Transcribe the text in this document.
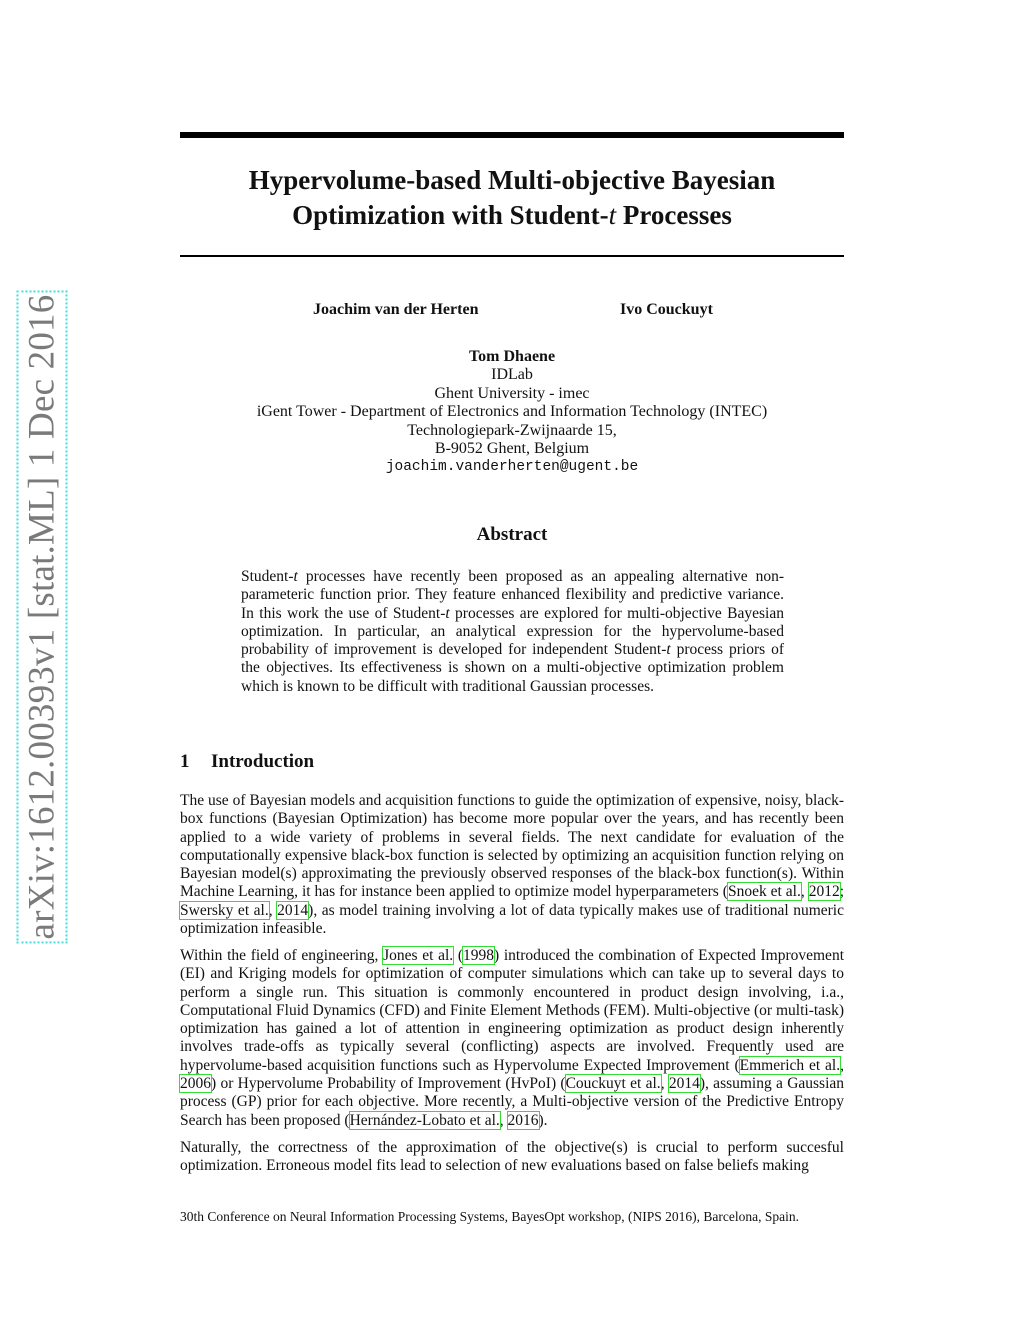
arXiv:1612.00393v1 [stat.ML] 1 Dec 2016
Hypervolume-based Multi-objective Bayesian
Optimization with Student-t Processes
Joachim van der Herten	Ivo Couckuyt
Tom Dhaene
IDLab
Ghent University - imec
iGent Tower - Department of Electronics and Information Technology (INTEC)
Technologiepark-Zwijnaarde 15,
B-9052 Ghent, Belgium
joachim.vanderherten@ugent.be
Abstract
Student-t processes have recently been proposed as an appealing alternative non-parameteric function prior. They feature enhanced flexibility and predictive variance. In this work the use of Student-t processes are explored for multi-objective Bayesian optimization. In particular, an analytical expression for the hypervolume-based probability of improvement is developed for independent Student-t process priors of the objectives. Its effectiveness is shown on a multi-objective optimization problem which is known to be difficult with traditional Gaussian processes.
1 Introduction

The use of Bayesian models and acquisition functions to guide the optimization of expensive, noisy, black-box functions (Bayesian Optimization) has become more popular over the years, and has recently been applied to a wide variety of problems in several fields. The next candidate for evaluation of the computationally expensive black-box function is selected by optimizing an acquisition function relying on Bayesian model(s) approximating the previously observed responses of the black-box function(s). Within Machine Learning, it has for instance been applied to optimize model hyperparameters (Snoek et al., 2012; Swersky et al., 2014), as model training involving a lot of data typically makes use of traditional numeric optimization infeasible.

Within the field of engineering, Jones et al. (1998) introduced the combination of Expected Improvement (EI) and Kriging models for optimization of computer simulations which can take up to several days to perform a single run. This situation is commonly encountered in product design involving, i.a., Computational Fluid Dynamics (CFD) and Finite Element Methods (FEM). Multi-objective (or multi-task) optimization has gained a lot of attention in engineering optimization as product design inherently involves trade-offs as typically several (conflicting) aspects are involved. Frequently used are hypervolume-based acquisition functions such as Hypervolume Expected Improvement (Emmerich et al., 2006) or Hypervolume Probability of Improvement (HvPoI) (Couckuyt et al., 2014), assuming a Gaussian process (GP) prior for each objective. More recently, a Multi-objective version of the Predictive Entropy Search has been proposed (Hernández-Lobato et al., 2016).

Naturally, the correctness of the approximation of the objective(s) is crucial to perform succesful optimization. Erroneous model fits lead to selection of new evaluations based on false beliefs making

30th Conference on Neural Information Processing Systems, BayesOpt workshop, (NIPS 2016), Barcelona, Spain.
